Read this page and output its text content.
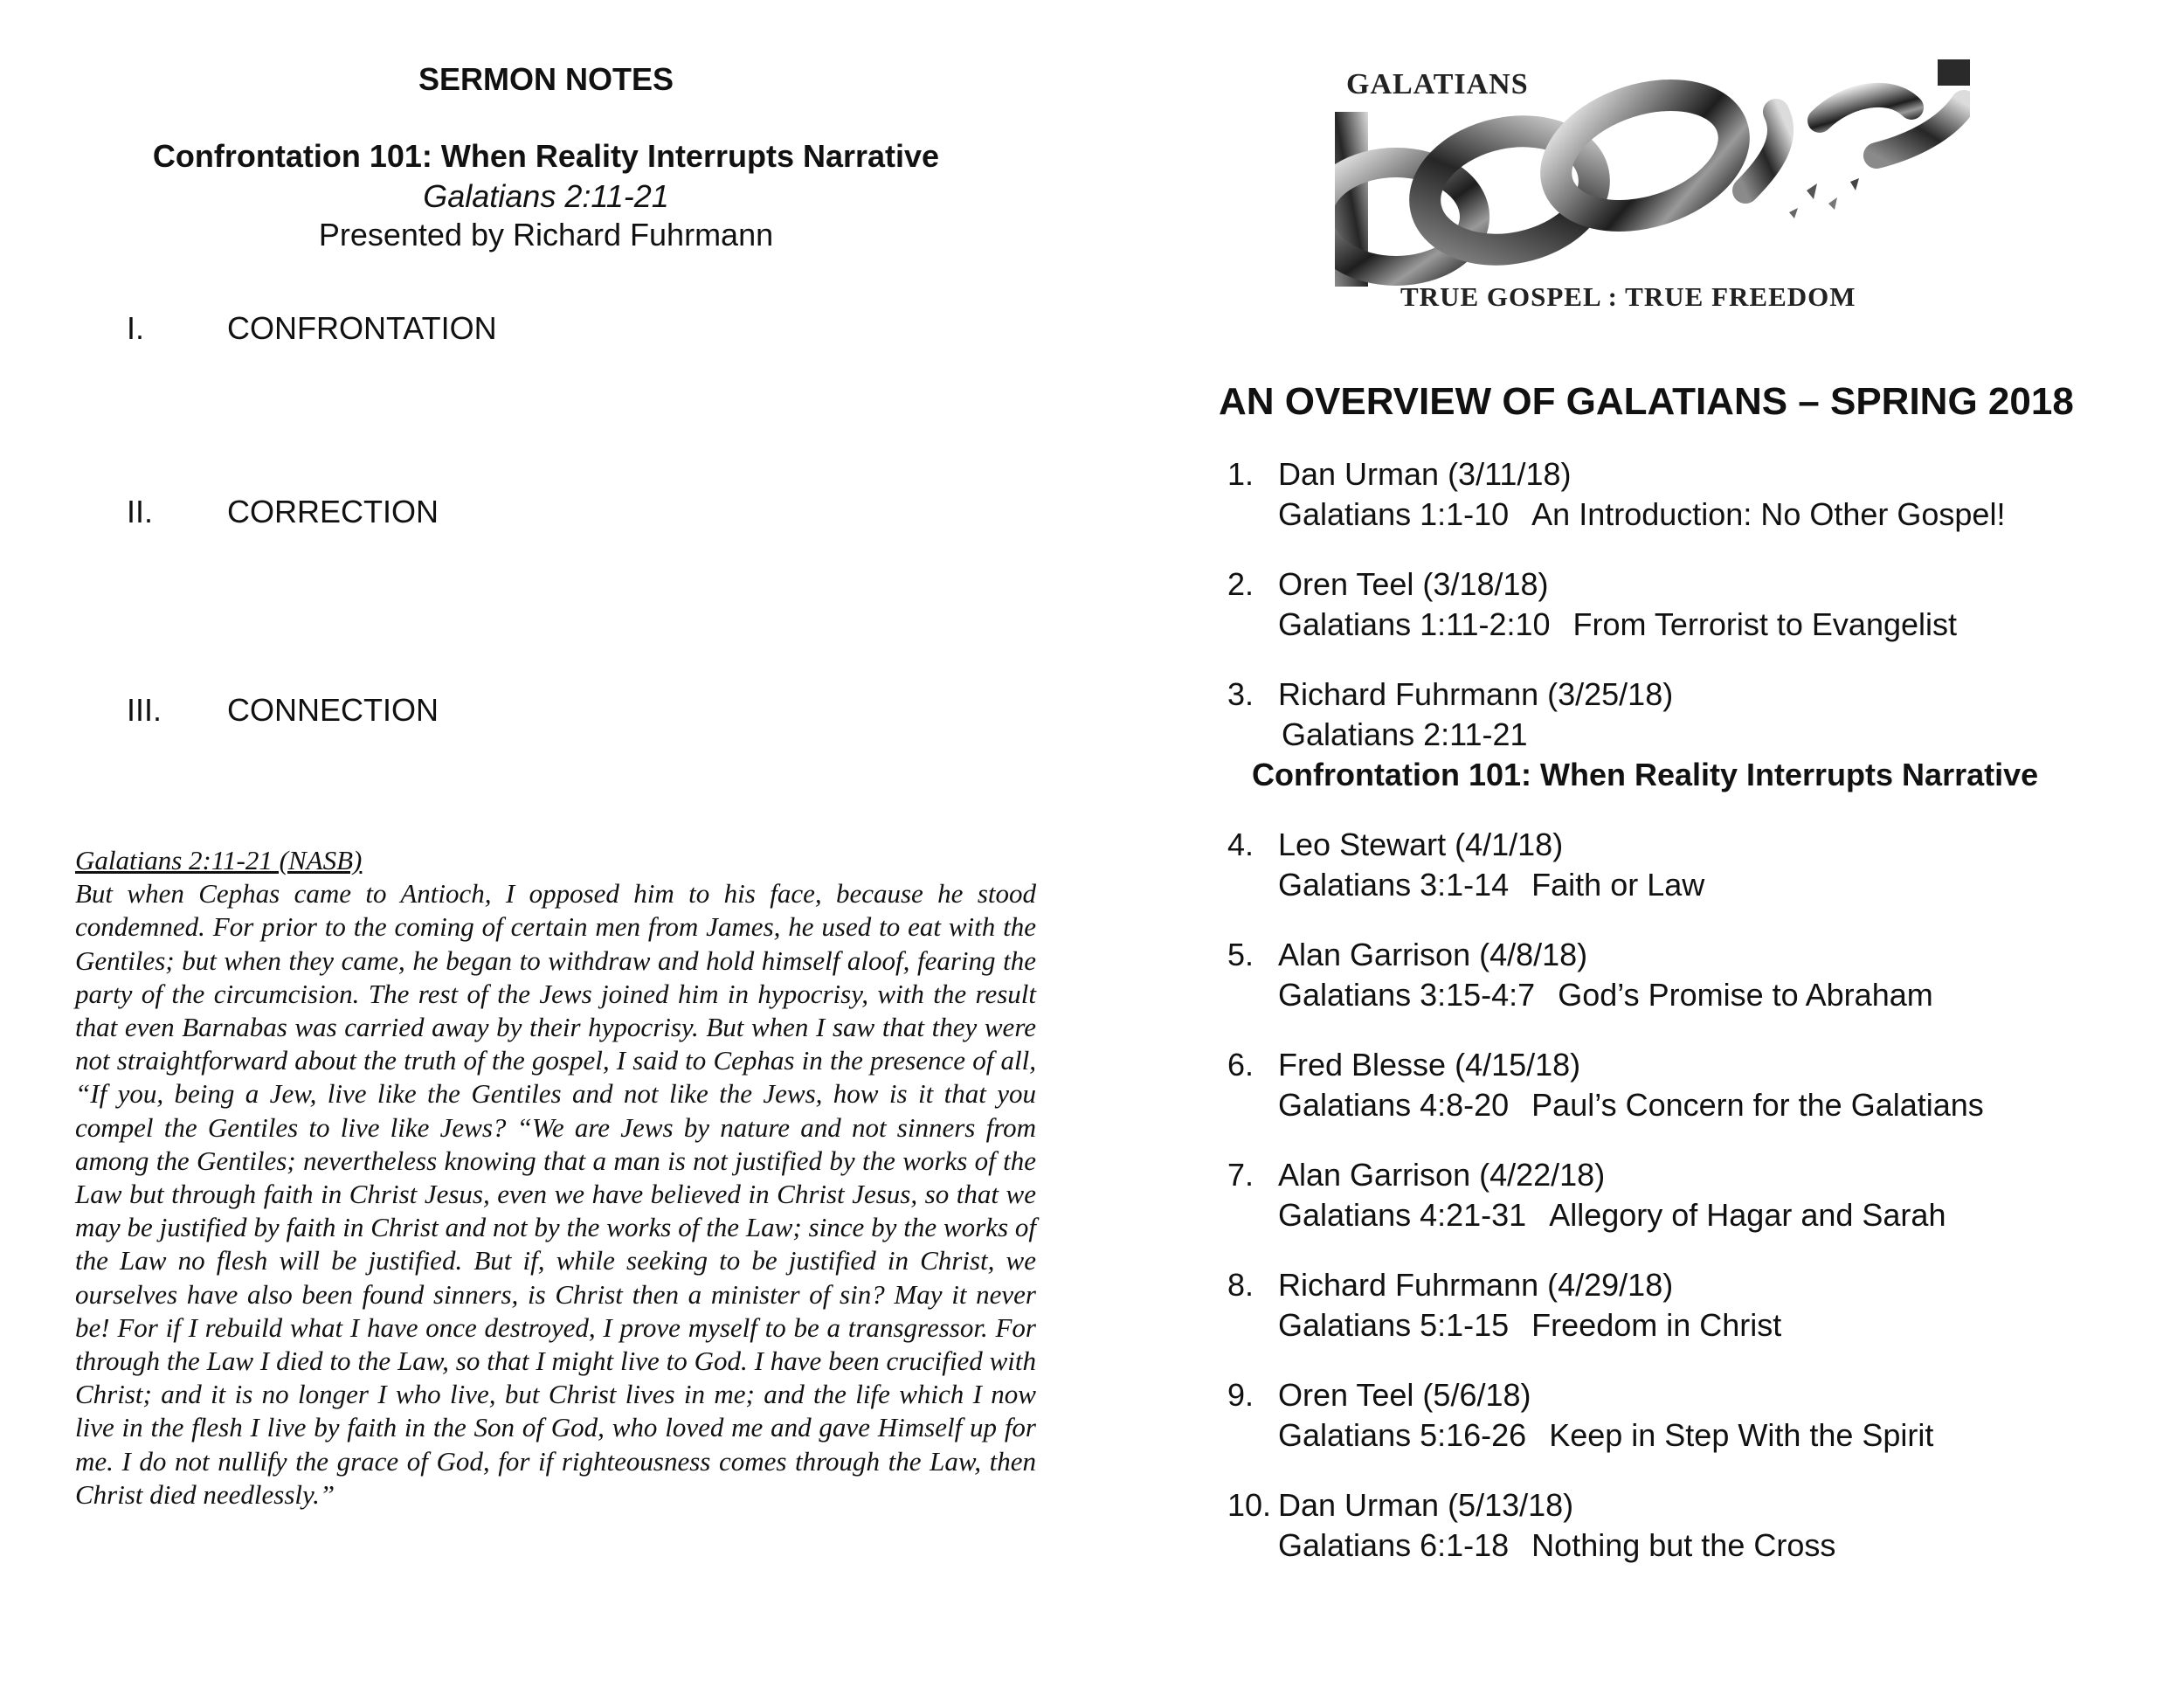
SERMON NOTES
Confrontation 101: When Reality Interrupts Narrative
Galatians 2:11-21
Presented by Richard Fuhrmann
I.	CONFRONTATION
II. CORRECTION
III. CONNECTION
Galatians 2:11-21 (NASB)
But when Cephas came to Antioch, I opposed him to his face, because he stood condemned. For prior to the coming of certain men from James, he used to eat with the Gentiles; but when they came, he began to withdraw and hold himself aloof, fearing the party of the circumcision. The rest of the Jews joined him in hypocrisy, with the result that even Barnabas was carried away by their hypocrisy. But when I saw that they were not straightforward about the truth of the gospel, I said to Cephas in the presence of all, “If you, being a Jew, live like the Gentiles and not like the Jews, how is it that you compel the Gentiles to live like Jews? “We are Jews by nature and not sinners from among the Gentiles; nevertheless knowing that a man is not justified by the works of the Law but through faith in Christ Jesus, even we have believed in Christ Jesus, so that we may be justified by faith in Christ and not by the works of the Law; since by the works of the Law no flesh will be justified. But if, while seeking to be justified in Christ, we ourselves have also been found sinners, is Christ then a minister of sin? May it never be! For if I rebuild what I have once destroyed, I prove myself to be a transgressor. For through the Law I died to the Law, so that I might live to God. I have been crucified with Christ; and it is no longer I who live, but Christ lives in me; and the life which I now live in the flesh I live by faith in the Son of God, who loved me and gave Himself up for me. I do not nullify the grace of God, for if righteousness comes through the Law, then Christ died needlessly.”
GALATIANS
TRUE GOSPEL : TRUE FREEDOM
AN OVERVIEW OF GALATIANS – SPRING 2018
1. Dan Urman (3/11/18)
Galatians 1:1-10 An Introduction: No Other Gospel!
2. Oren Teel (3/18/18)
Galatians 1:11-2:10 From Terrorist to Evangelist
3. Richard Fuhrmann (3/25/18)
Galatians 2:11-21
Confrontation 101: When Reality Interrupts Narrative
4. Leo Stewart (4/1/18)
Galatians 3:1-14 Faith or Law
5. Alan Garrison (4/8/18)
Galatians 3:15-4:7 God’s Promise to Abraham
6. Fred Blesse (4/15/18)
Galatians 4:8-20 Paul’s Concern for the Galatians
7. Alan Garrison (4/22/18)
Galatians 4:21-31 Allegory of Hagar and Sarah
8. Richard Fuhrmann (4/29/18)
Galatians 5:1-15 Freedom in Christ
9. Oren Teel (5/6/18)
Galatians 5:16-26 Keep in Step With the Spirit
10. Dan Urman (5/13/18)
Galatians 6:1-18 Nothing but the Cross
